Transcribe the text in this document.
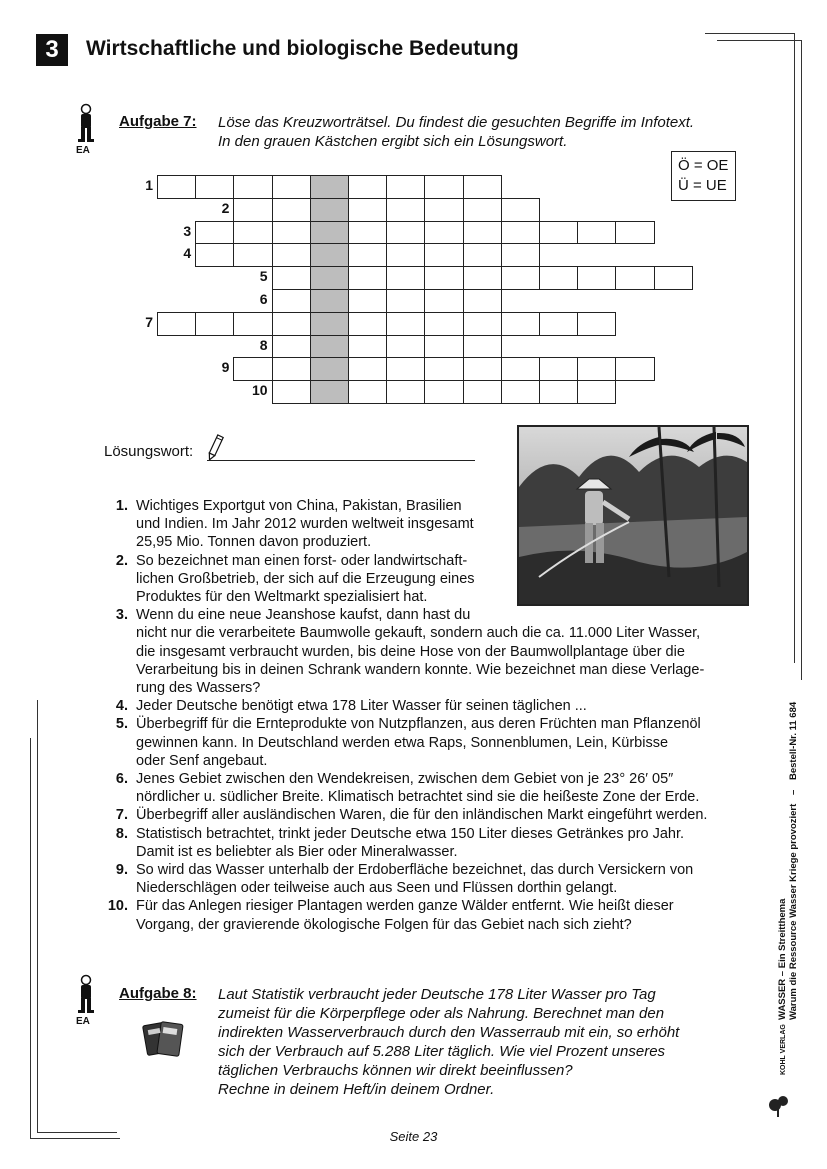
3	Wirtschaftliche und biologische Bedeutung
EA
Aufgabe 7: Löse das Kreuzworträtsel. Du findest die gesuchten Begriffe im Infotext.
In den grauen Kästchen ergibt sich ein Lösungswort.
Ö = OE
Ü = UE
1
2
3
4
5
6
7
8
9
10
Lösungswort:
1. Wichtiges Exportgut von China, Pakistan, Brasilien
und Indien. Im Jahr 2012 wurden weltweit insgesamt
25,95 Mio. Tonnen davon produziert.
2. So bezeichnet man einen forst- oder landwirtschaft-
lichen Großbetrieb, der sich auf die Erzeugung eines
Produktes für den Weltmarkt spezialisiert hat.
3. Wenn du eine neue Jeanshose kaufst, dann hast du
nicht nur die verarbeitete Baumwolle gekauft, sondern auch die ca. 11.000 Liter Wasser,
die insgesamt verbraucht wurden, bis deine Hose von der Baumwollplantage über die
Verarbeitung bis in deinen Schrank wandern konnte. Wie bezeichnet man diese Verlage-
rung des Wassers?
4. Jeder Deutsche benötigt etwa 178 Liter Wasser für seinen täglichen ...
5. Überbegriff für die Ernteprodukte von Nutzpflanzen, aus deren Früchten man Pflanzenöl
gewinnen kann. In Deutschland werden etwa Raps, Sonnenblumen, Lein, Kürbisse
oder Senf angebaut.
6. Jenes Gebiet zwischen den Wendekreisen, zwischen dem Gebiet von je 23° 26′ 05″
nördlicher u. südlicher Breite. Klimatisch betrachtet sind sie die heißeste Zone der Erde.
7. Überbegriff aller ausländischen Waren, die für den inländischen Markt eingeführt werden.
8. Statistisch betrachtet, trinkt jeder Deutsche etwa 150 Liter dieses Getränkes pro Jahr.
Damit ist es beliebter als Bier oder Mineralwasser.
9. So wird das Wasser unterhalb der Erdoberfläche bezeichnet, das durch Versickern von
Niederschlägen oder teilweise auch aus Seen und Flüssen dorthin gelangt.
10. Für das Anlegen riesiger Plantagen werden ganze Wälder entfernt. Wie heißt dieser
Vorgang, der gravierende ökologische Folgen für das Gebiet nach sich zieht?
EA
Aufgabe 8: Laut Statistik verbraucht jeder Deutsche 178 Liter Wasser pro Tag
zumeist für die Körperpflege oder als Nahrung. Berechnet man den
indirekten Wasserverbrauch durch den Wasserraub mit ein, so erhöht
sich der Verbrauch auf 5.288 Liter täglich. Wie viel Prozent unseres
täglichen Verbrauchs können wir direkt beeinflussen?
Rechne in deinem Heft/in deinem Ordner.
WASSER – Ein Streitthema Warum die Ressource Wasser Kriege provoziert
Bestell-Nr. 11 684
–
KOHL VERLAG
Seite 23
